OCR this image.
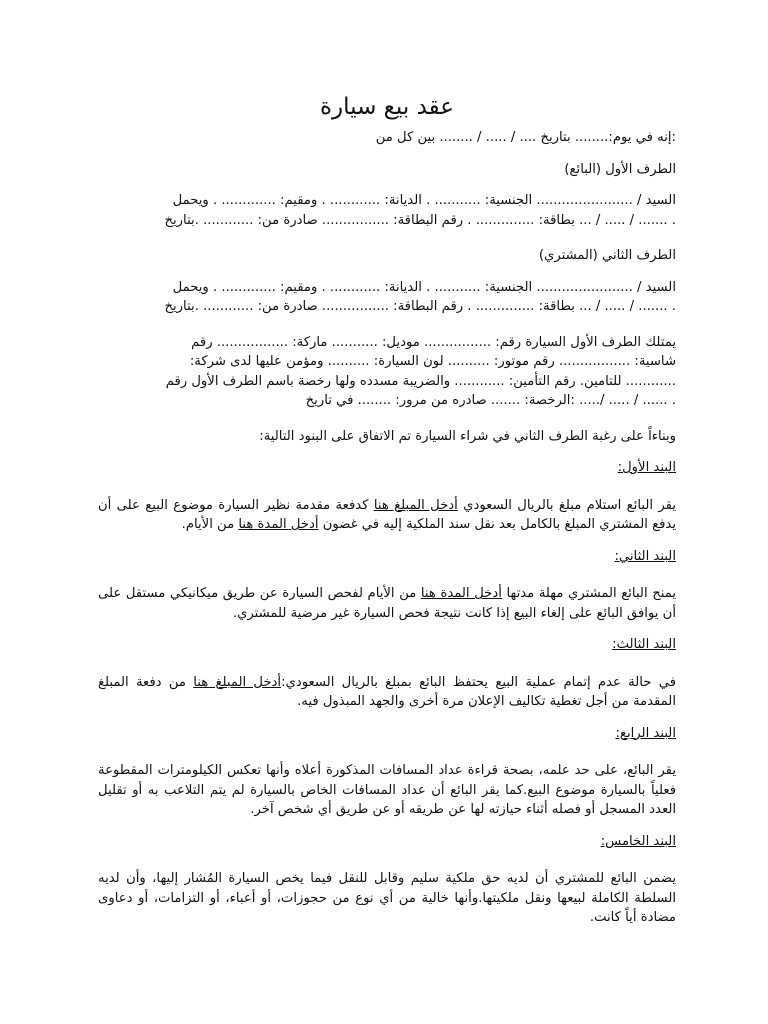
عقد بيع سيارة

:إنه في يوم:........ بتاريخ .... / ..... / ........ بين كل من

الطرف الأول (البائع)

السيد / ....................... الجنسية: ........... . الديانة: ............ . ومقيم: ............. . ويحمل

. ....... / ..... / ... بطاقة: .............. . رقم البطاقة: ................ صادرة من: ............ .بتاريخ

الطرف الثاني (المشتري)

السيد / ....................... الجنسية: ........... . الديانة: ............ . ومقيم: ............. . ويحمل

. ....... / ..... / ... بطاقة: .............. . رقم البطاقة: ................ صادرة من: ............ .بتاريخ

يمتلك الطرف الأول السيارة رقم: ................ موديل: ........... ماركة: ................. رقم

شاسية: ................. رقم موتور: .......... لون السيارة: .......... ومؤمن عليها لدى شركة:

............ للتامين. رقم التأمين: ............ والضريبة مسدده ولها رخصة باسم الطرف الأول رقم

. ...... / ..... /..... :الرخصة: ....... صادره من مرور: ........ في تاريخ

وبناءاً على رغبة الطرف الثاني في شراء السيارة تم الاتفاق على البنود التالية:

البند الأول:

يقر البائع استلام مبلغ بالريال السعودي أدخل المبلغ هنا كدفعة مقدمة نظير السيارة موضوع البيع على أن يدفع المشتري المبلغ بالكامل بعد نقل سند الملكية إليه في غضون أدخل المدة هنا من الأيام.

البند الثاني:

يمنح البائع المشتري مهلة مدتها أدخل المدة هنا من الأيام لفحص السيارة عن طريق ميكانيكي مستقل على أن يوافق البائع على إلغاء البيع إذا كانت نتيجة فحص السيارة غير مرضية للمشتري.

البند الثالث:

في حالة عدم إتمام عملية البيع يحتفظ البائع بمبلغ بالريال السعودي:أدخل المبلغ هنا من دفعة المبلغ المقدمة من أجل تغطية تكاليف الإعلان مرة أخرى والجهد المبذول فيه.

البند الرابع:

يقر البائع، على حد علمه، بصحة قراءة عداد المسافات المذكورة أعلاه وأنها تعكس الكيلومترات المقطوعة فعلياً بالسيارة موضوع البيع.كما يقر البائع أن عداد المسافات الخاص بالسيارة لم يتم التلاعب به أو تقليل العدد المسجل أو فصله أثناء حيازته لها عن طريقه أو عن طريق أي شخص آخر.

البند الخامس:

يضمن البائع للمشتري أن لديه حق ملكية سليم وقابل للنقل فيما يخص السيارة المُشار إليها، وأن لديه السلطة الكاملة لبيعها ونقل ملكيتها.وأنها خالية من أي نوع من حجوزات، أو أعباء، أو التزامات، أو دعاوى مضادة أياً كانت.
